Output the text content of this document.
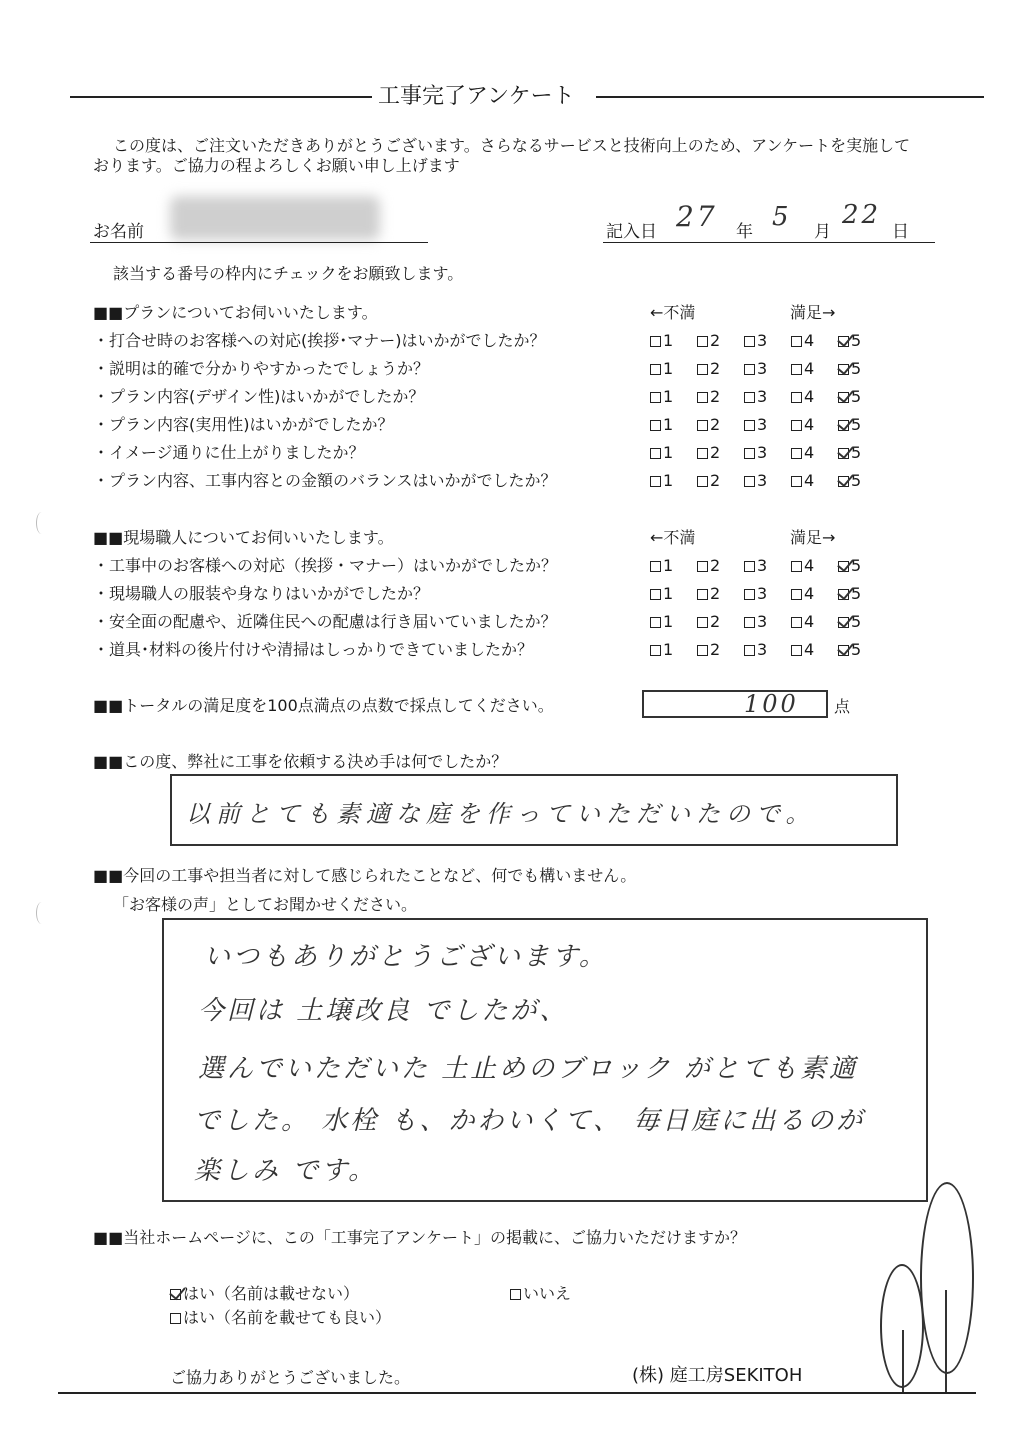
工事完了アンケート
この度は、ご注文いただきありがとうございます。さらなるサービスと技術向上のため、アンケートを実施して
おります。ご協力の程よろしくお願い申し上げます
お名前	記入日 27 年 5 月
22
日
該当する番号の枠内にチェックをお願致します。
■■プランについてお伺いいたします。	←不満	満足→
・打合せ時のお客様への対応(挨拶･マナー)はいかがでしたか？	1	2	3	4	5
・説明は的確で分かりやすかったでしょうか？	1	2	3	4	5
・プラン内容(デザイン性)はいかがでしたか？	1	2	3	4	5
・プラン内容(実用性)はいかがでしたか？	1	2	3	4	5
・イメージ通りに仕上がりましたか？	1	2	3	4	5
・プラン内容、工事内容との金額のバランスはいかがでしたか？	1	2	3	4	5
■■現場職人についてお伺いいたします。	←不満	満足→
・工事中のお客様への対応（挨拶・マナー）はいかがでしたか？	1	2	3	4	5
・現場職人の服装や身なりはいかがでしたか？	1	2	3	4	5
・安全面の配慮や、近隣住民への配慮は行き届いていましたか？	1	2	3	4	5
・道具･材料の後片付けや清掃はしっかりできていましたか？	1	2	3	4	5
■■トータルの満足度を100点満点の点数で採点してください。	100 点
■■この度、弊社に工事を依頼する決め手は何でしたか？
以前とても素適な庭を作っていただいたので。
■■今回の工事や担当者に対して感じられたことなど、何でも構いません。
「お客様の声」としてお聞かせください。
いつもありがとうございます。
今回は 土壌改良 でしたが、
選んでいただいた 土止めのブロック がとても素適
でした。 水栓 も、かわいくて、 毎日庭に出るのが
楽しみ です。
■■当社ホームページに、この「工事完了アンケート」の掲載に、ご協力いただけますか？
はい（名前は載せない）	いいえ
はい（名前を載せても良い）
ご協力ありがとうございました。	(株) 庭工房SEKITOH
